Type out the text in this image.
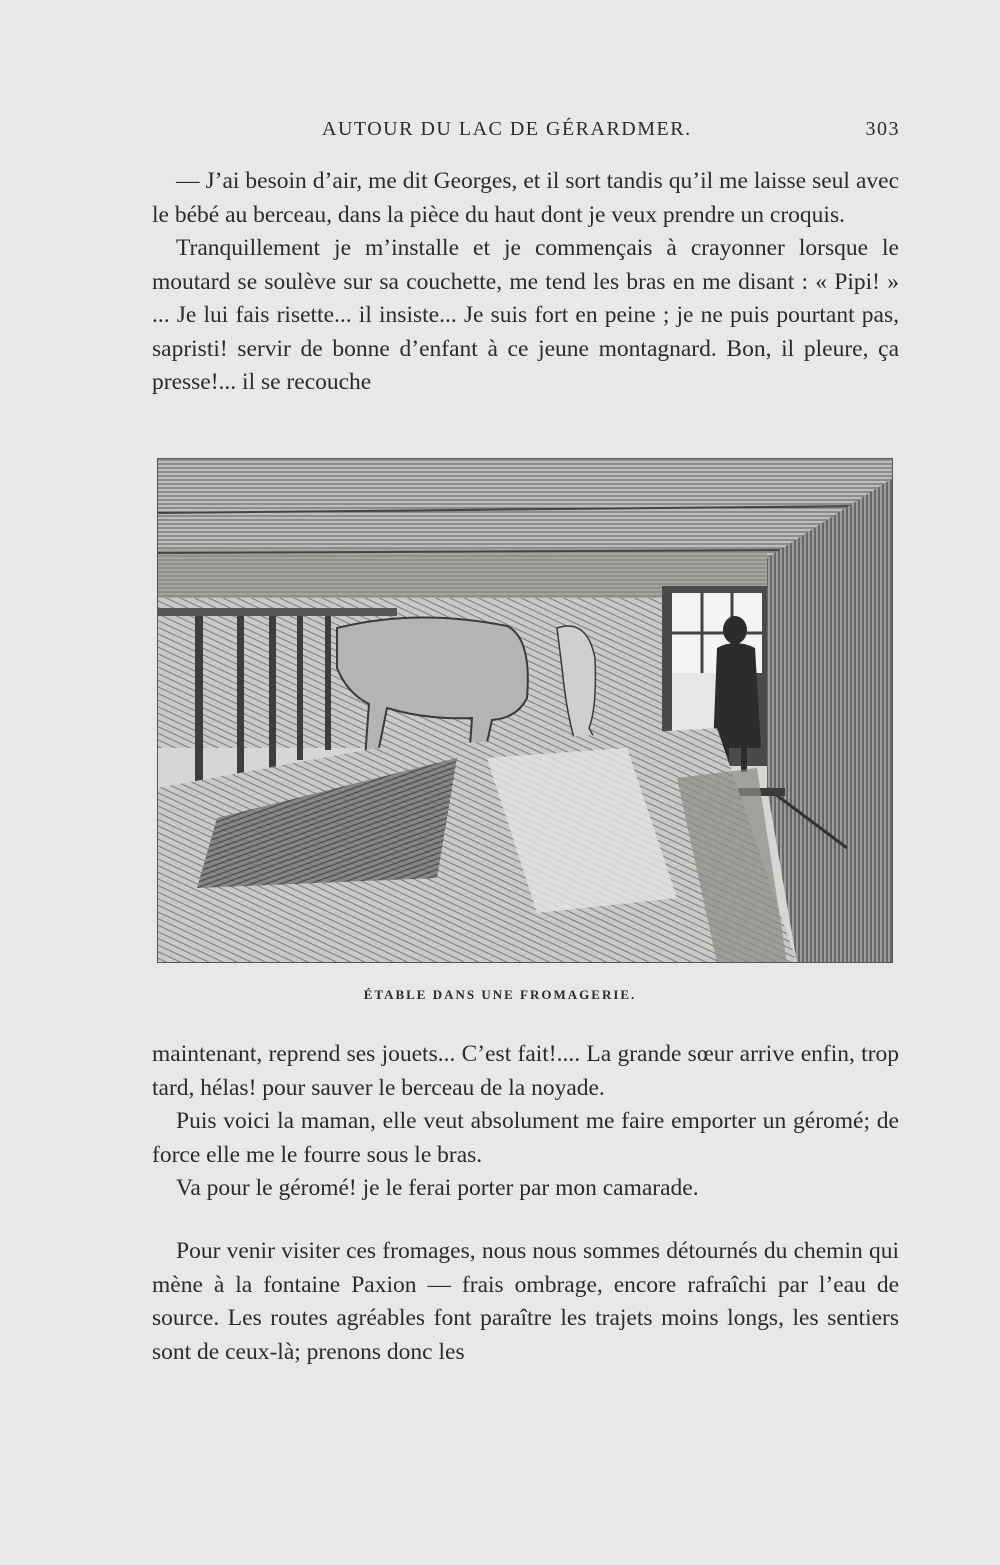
AUTOUR DU LAC DE GÉRARDMER.	303

— J’ai besoin d’air, me dit Georges, et il sort tandis qu’il me laisse seul avec le bébé au berceau, dans la pièce du haut dont je veux prendre un croquis.

Tranquillement je m’installe et je commençais à crayonner lorsque le moutard se soulève sur sa couchette, me tend les bras en me disant : « Pipi! » ... Je lui fais risette... il insiste... Je suis fort en peine ; je ne puis pourtant pas, sapristi! servir de bonne d’enfant à ce jeune montagnard. Bon, il pleure, ça presse!... il se recouche

ÉTABLE DANS UNE FROMAGERIE.

maintenant, reprend ses jouets... C’est fait!.... La grande sœur arrive enfin, trop tard, hélas! pour sauver le berceau de la noyade.

Puis voici la maman, elle veut absolument me faire emporter un géromé; de force elle me le fourre sous le bras.

Va pour le géromé! je le ferai porter par mon camarade.

Pour venir visiter ces fromages, nous nous sommes détournés du chemin qui mène à la fontaine Paxion — frais ombrage, encore rafraîchi par l’eau de source. Les routes agréables font paraître les trajets moins longs, les sentiers sont de ceux-là; prenons donc les
